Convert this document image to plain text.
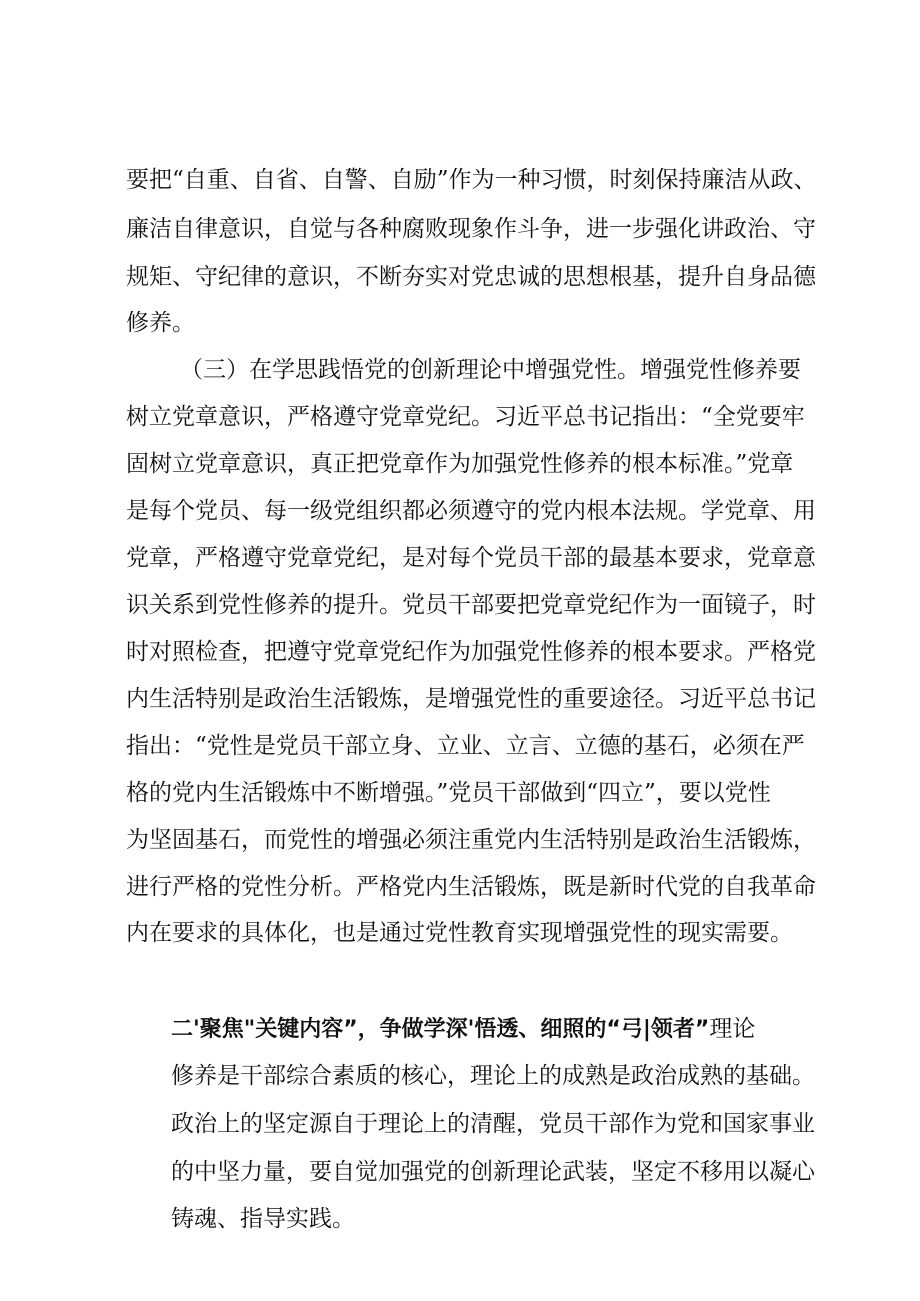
要把“自重、自省、自警、自励”作为一种习惯，时刻保持廉洁从政、
廉洁自律意识，自觉与各种腐败现象作斗争，进一步强化讲政治、守
规矩、守纪律的意识，不断夯实对党忠诚的思想根基，提升自身品德
修养。
（三）在学思践悟党的创新理论中增强党性。增强党性修养要
树立党章意识，严格遵守党章党纪。习近平总书记指出：“全党要牢
固树立党章意识，真正把党章作为加强党性修养的根本标准。”党章
是每个党员、每一级党组织都必须遵守的党内根本法规。学党章、用
党章，严格遵守党章党纪，是对每个党员干部的最基本要求，党章意
识关系到党性修养的提升。党员干部要把党章党纪作为一面镜子，时
时对照检查，把遵守党章党纪作为加强党性修养的根本要求。严格党
内生活特别是政治生活锻炼，是增强党性的重要途径。习近平总书记
指出：“党性是党员干部立身、立业、立言、立德的基石，必须在严
格的党内生活锻炼中不断增强。”党员干部做到“四立”，要以党性
为坚固基石，而党性的增强必须注重党内生活特别是政治生活锻炼，
进行严格的党性分析。严格党内生活锻炼，既是新时代党的自我革命
内在要求的具体化，也是通过党性教育实现增强党性的现实需要。
二'聚焦"关键内容”，争做学深'悟透、细照的“弓|领者”理论
修养是干部综合素质的核心，理论上的成熟是政治成熟的基础。
政治上的坚定源自于理论上的清醒，党员干部作为党和国家事业
的中坚力量，要自觉加强党的创新理论武装，坚定不移用以凝心
铸魂、指导实践。
